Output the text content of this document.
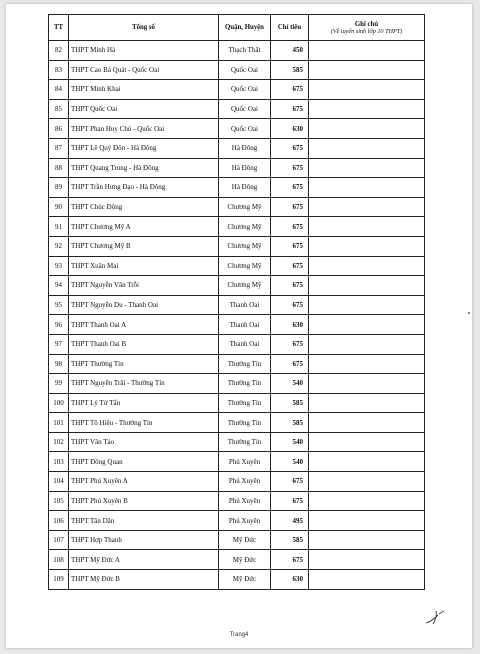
TT	Tổng số	Quận, Huyện	Chỉ tiêu	Ghi chú
(Về tuyển sinh lớp 10 THPT)

82	THPT Minh Hà	Thạch Thất	450	
83	THPT Cao Bá Quát - Quốc Oai	Quốc Oai	585	
84	THPT Minh Khai	Quốc Oai	675	
85	THPT Quốc Oai	Quốc Oai	675	
86	THPT Phan Huy Chú - Quốc Oai	Quốc Oai	630	
87	THPT Lê Quý Đôn - Hà Đông	Hà Đông	675	
88	THPT Quang Trung - Hà Đông	Hà Đông	675	
89	THPT Trần Hưng Đạo - Hà Đông	Hà Đông	675	
90	THPT Chúc Động	Chương Mỹ	675	
91	THPT Chương Mỹ A	Chương Mỹ	675	
92	THPT Chương Mỹ B	Chương Mỹ	675	
93	THPT Xuân Mai	Chương Mỹ	675	
94	THPT Nguyễn Văn Trỗi	Chương Mỹ	675	
95	THPT Nguyễn Du - Thanh Oai	Thanh Oai	675	
96	THPT Thanh Oai A	Thanh Oai	630	
97	THPT Thanh Oai B	Thanh Oai	675	
98	THPT Thường Tín	Thường Tín	675	
99	THPT Nguyễn Trãi - Thường Tín	Thường Tín	540	
100	THPT Lý Tử Tấn	Thường Tín	585	
101	THPT Tô Hiệu - Thường Tín	Thường Tín	585	
102	THPT Vân Tảo	Thường Tín	540	
103	THPT Đồng Quan	Phú Xuyên	540	
104	THPT Phú Xuyên A	Phú Xuyên	675	
105	THPT Phú Xuyên B	Phú Xuyên	675	
106	THPT Tân Dân	Phú Xuyên	495	
107	THPT Hợp Thanh	Mỹ Đức	585	
108	THPT Mỹ Đức A	Mỹ Đức	675	
109	THPT Mỹ Đức B	Mỹ Đức	630	
Trang4
